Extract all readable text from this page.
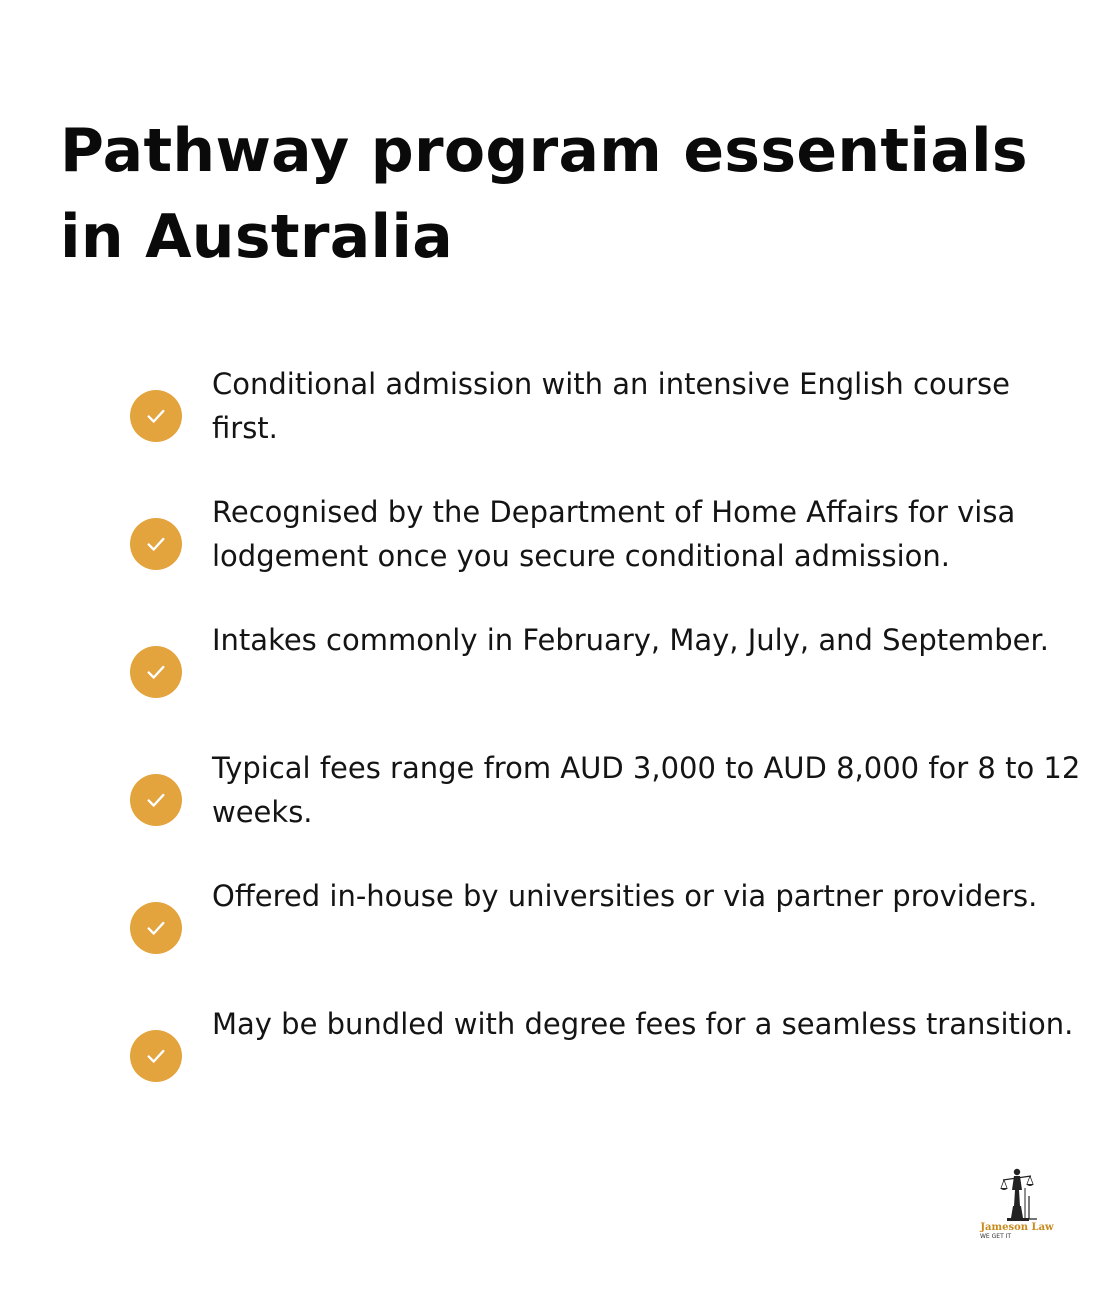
Pathway program essentials in Australia
Conditional admission with an intensive English course first.
Recognised by the Department of Home Affairs for visa lodgement once you secure conditional admission.
Intakes commonly in February, May, July, and September.
Typical fees range from AUD 3,000 to AUD 8,000 for 8 to 12 weeks.
Offered in-house by universities or via partner providers.
May be bundled with degree fees for a seamless transition.
Jameson Law
WE GET IT
